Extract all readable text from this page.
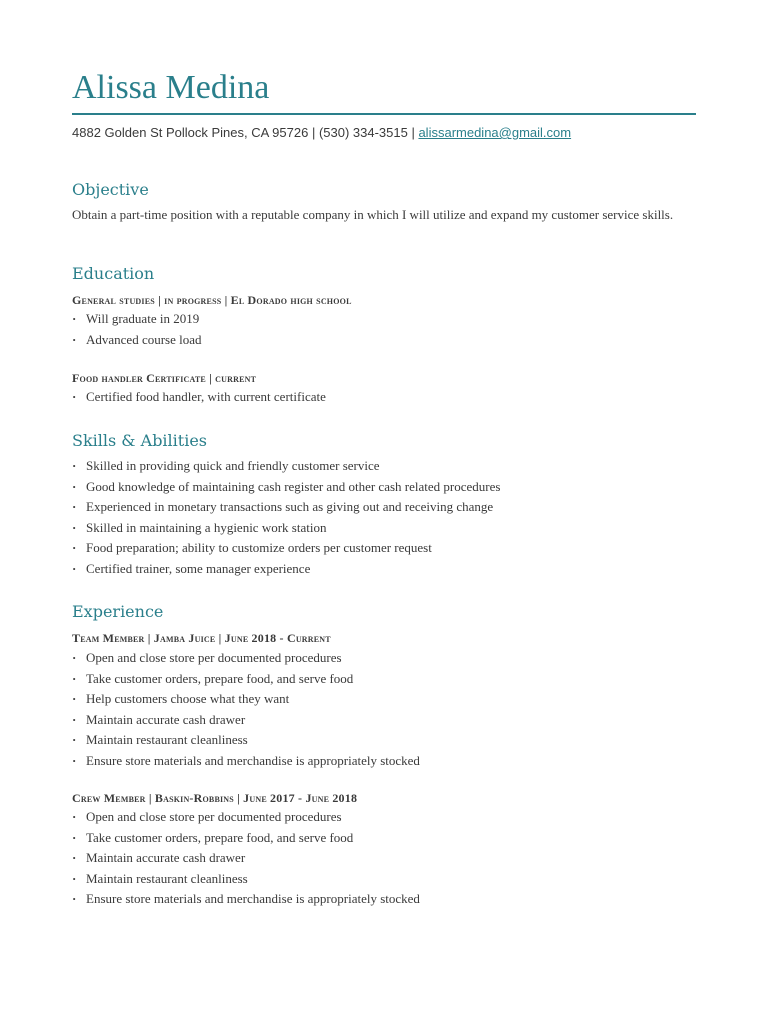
Alissa Medina
4882 Golden St Pollock Pines, CA 95726 | (530) 334-3515 | alissarmedina@gmail.com
Objective

Obtain a part-time position with a reputable company in which I will utilize and expand my customer service skills.

Education
General studies | in progress | El Dorado high school
· Will graduate in 2019
· Advanced course load
Food handler Certificate | current
· Certified food handler, with current certificate
Skills & Abilities
· Skilled in providing quick and friendly customer service
· Good knowledge of maintaining cash register and other cash related procedures
· Experienced in monetary transactions such as giving out and receiving change
· Skilled in maintaining a hygienic work station
· Food preparation; ability to customize orders per customer request
· Certified trainer, some manager experience
Experience
Team Member | Jamba Juice | June 2018 - Current
· Open and close store per documented procedures
· Take customer orders, prepare food, and serve food
· Help customers choose what they want
· Maintain accurate cash drawer
· Maintain restaurant cleanliness
· Ensure store materials and merchandise is appropriately stocked
Crew Member | Baskin-Robbins | June 2017 - June 2018
· Open and close store per documented procedures
· Take customer orders, prepare food, and serve food
· Maintain accurate cash drawer
· Maintain restaurant cleanliness
· Ensure store materials and merchandise is appropriately stocked
